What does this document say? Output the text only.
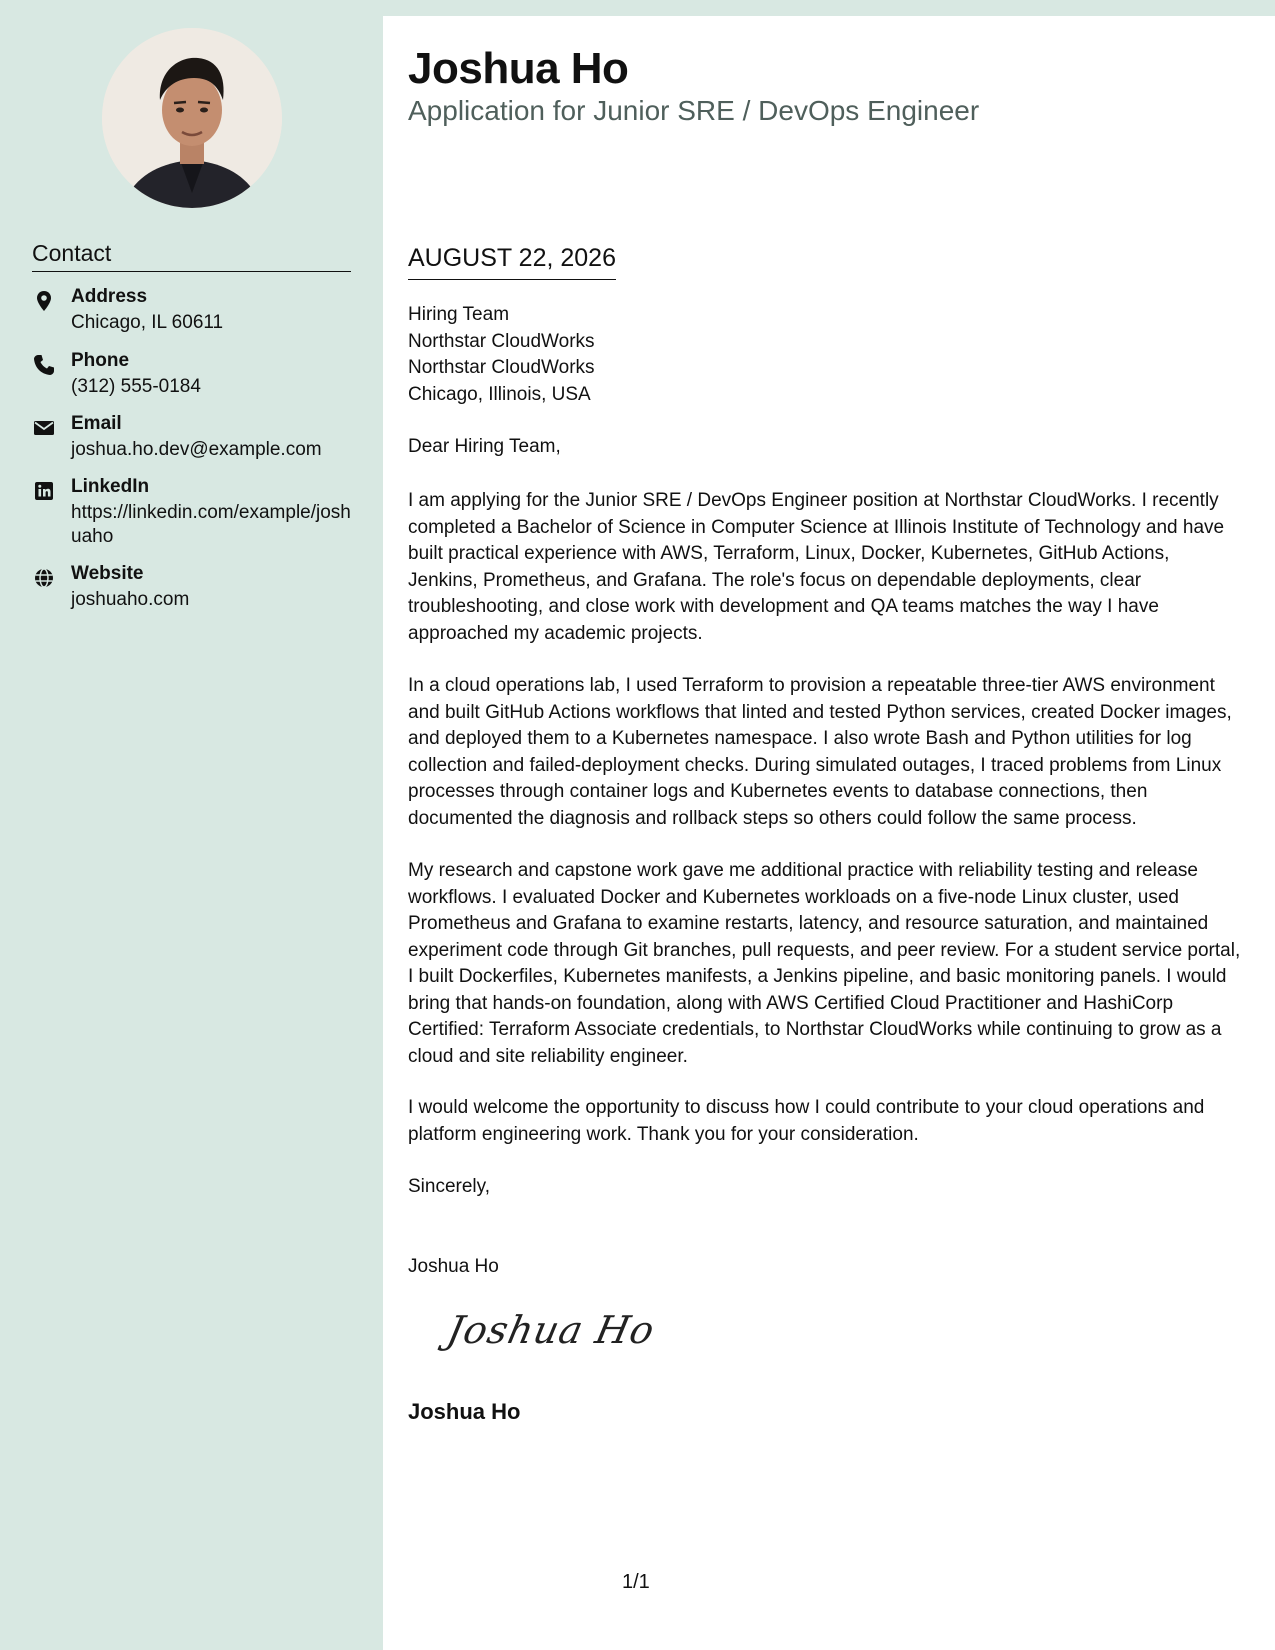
Contact
Address
Chicago, IL 60611
Phone
(312) 555-0184
Email
joshua.ho.dev@example.com
LinkedIn
https://linkedin.com/example/joshuaho
Website
joshuaho.com
Joshua Ho
Application for Junior SRE / DevOps Engineer
AUGUST 22, 2026
Hiring Team
Northstar CloudWorks
Northstar CloudWorks
Chicago, Illinois, USA
Dear Hiring Team,

I am applying for the Junior SRE / DevOps Engineer position at Northstar CloudWorks. I recently completed a Bachelor of Science in Computer Science at Illinois Institute of Technology and have built practical experience with AWS, Terraform, Linux, Docker, Kubernetes, GitHub Actions, Jenkins, Prometheus, and Grafana. The role's focus on dependable deployments, clear troubleshooting, and close work with development and QA teams matches the way I have approached my academic projects.

In a cloud operations lab, I used Terraform to provision a repeatable three-tier AWS environment and built GitHub Actions workflows that linted and tested Python services, created Docker images, and deployed them to a Kubernetes namespace. I also wrote Bash and Python utilities for log collection and failed-deployment checks. During simulated outages, I traced problems from Linux processes through container logs and Kubernetes events to database connections, then documented the diagnosis and rollback steps so others could follow the same process.

My research and capstone work gave me additional practice with reliability testing and release workflows. I evaluated Docker and Kubernetes workloads on a five-node Linux cluster, used Prometheus and Grafana to examine restarts, latency, and resource saturation, and maintained experiment code through Git branches, pull requests, and peer review. For a student service portal, I built Dockerfiles, Kubernetes manifests, a Jenkins pipeline, and basic monitoring panels. I would bring that hands-on foundation, along with AWS Certified Cloud Practitioner and HashiCorp Certified: Terraform Associate credentials, to Northstar CloudWorks while continuing to grow as a cloud and site reliability engineer.

I would welcome the opportunity to discuss how I could contribute to your cloud operations and platform engineering work. Thank you for your consideration.

Sincerely,
Joshua Ho
Joshua Ho
Joshua Ho
1/1
